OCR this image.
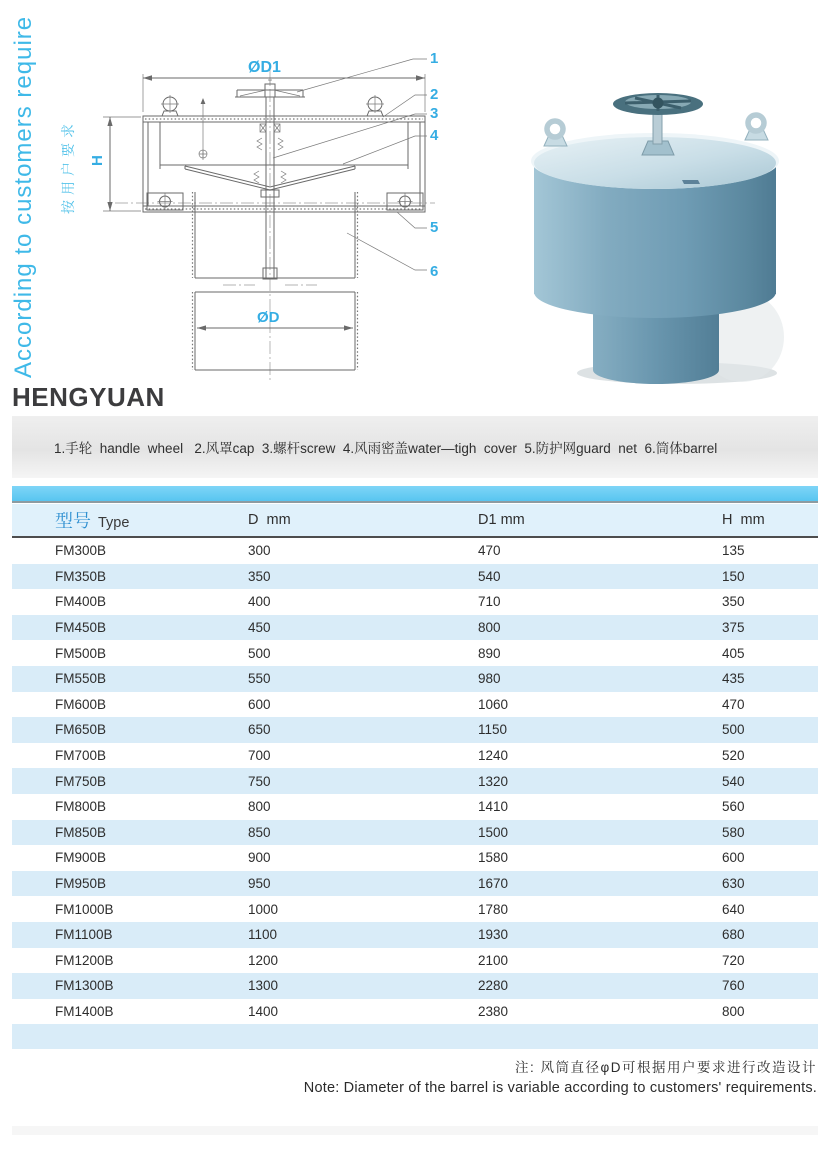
According to customers require 按用户要求
ØD1
H
ØD
1
2
3
4
5
6
HENGYUAN
1.手轮  handle  wheel   2.风罩cap  3.螺杆screw  4.风雨密盖water—tigh  cover  5.防护网guard  net  6.筒体barrel
型号 Type	D  mm	D1 mm	H  mm
FM300B	300	470	135
FM350B	350	540	150
FM400B	400	710	350
FM450B	450	800	375
FM500B	500	890	405
FM550B	550	980	435
FM600B	600	1060	470
FM650B	650	1150	500
FM700B	700	1240	520
FM750B	750	1320	540
FM800B	800	1410	560
FM850B	850	1500	580
FM900B	900	1580	600
FM950B	950	1670	630
FM1000B	1000	1780	640
FM1100B	1100	1930	680
FM1200B	1200	2100	720
FM1300B	1300	2280	760
FM1400B	1400	2380	800
注: 风筒直径φD可根据用户要求进行改造设计
Note: Diameter of the barrel is variable according to customers' requirements.
